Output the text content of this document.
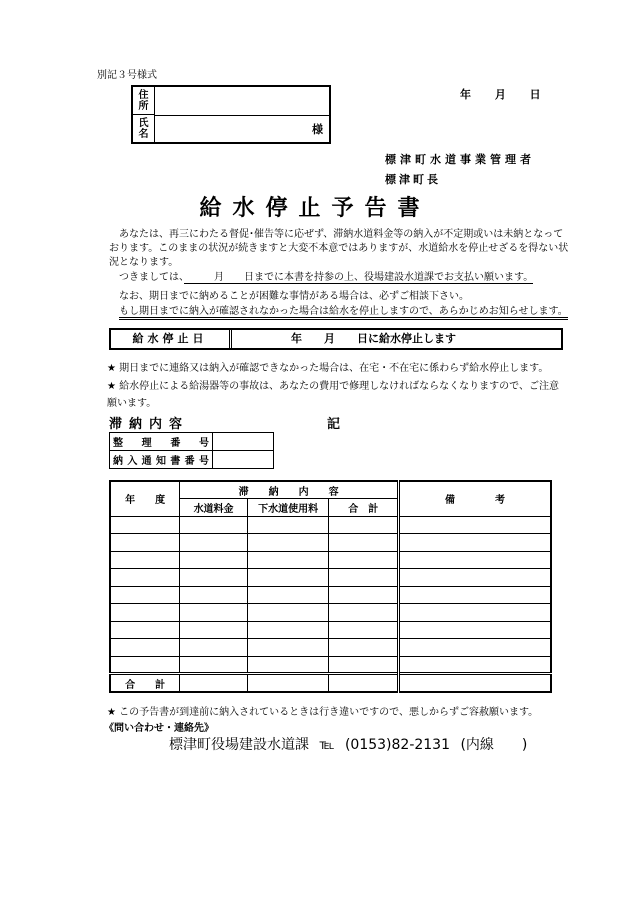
別記３号様式
住
所
氏
名	様
年 月 日
標津町水道事業管理者
標津町長
給水停止予告書
あなたは、再三にわたる督促･催告等に応ぜず、滞納水道料金等の納入が不定期或いは未納となっております。このままの状況が続きますと大変不本意ではありますが、水道給水を停止せざるを得ない状況となります。
つきましては、　　　月　　日までに本書を持参の上、役場建設水道課でお支払い願います。
なお、期日までに納めることが困難な事情がある場合は、必ずご相談下さい。
もし期日までに納入が確認されなかった場合は給水を停止しますので、あらかじめお知らせします。
給水停止日	年　　月　　日に給水停止します
★ 期日までに連絡又は納入が確認できなかった場合は、在宅・不在宅に係わらず給水停止します。
★ 給水停止による給湯器等の事故は、あなたの費用で修理しなければならなくなりますので、ご注意願います。
滞納内容	記
整理番号	
納入通知書番号	
年　　度	滞　　納　　内　　容			備　　　　考
	水道料金	下水道使用料	合　計	

合　　計				
★ この予告書が到達前に納入されているときは行き違いですので、悪しからずご容赦願います。
《問い合わせ・連絡先》
標津町役場建設水道課 ℡ (0153)82-2131 (内線　　)
